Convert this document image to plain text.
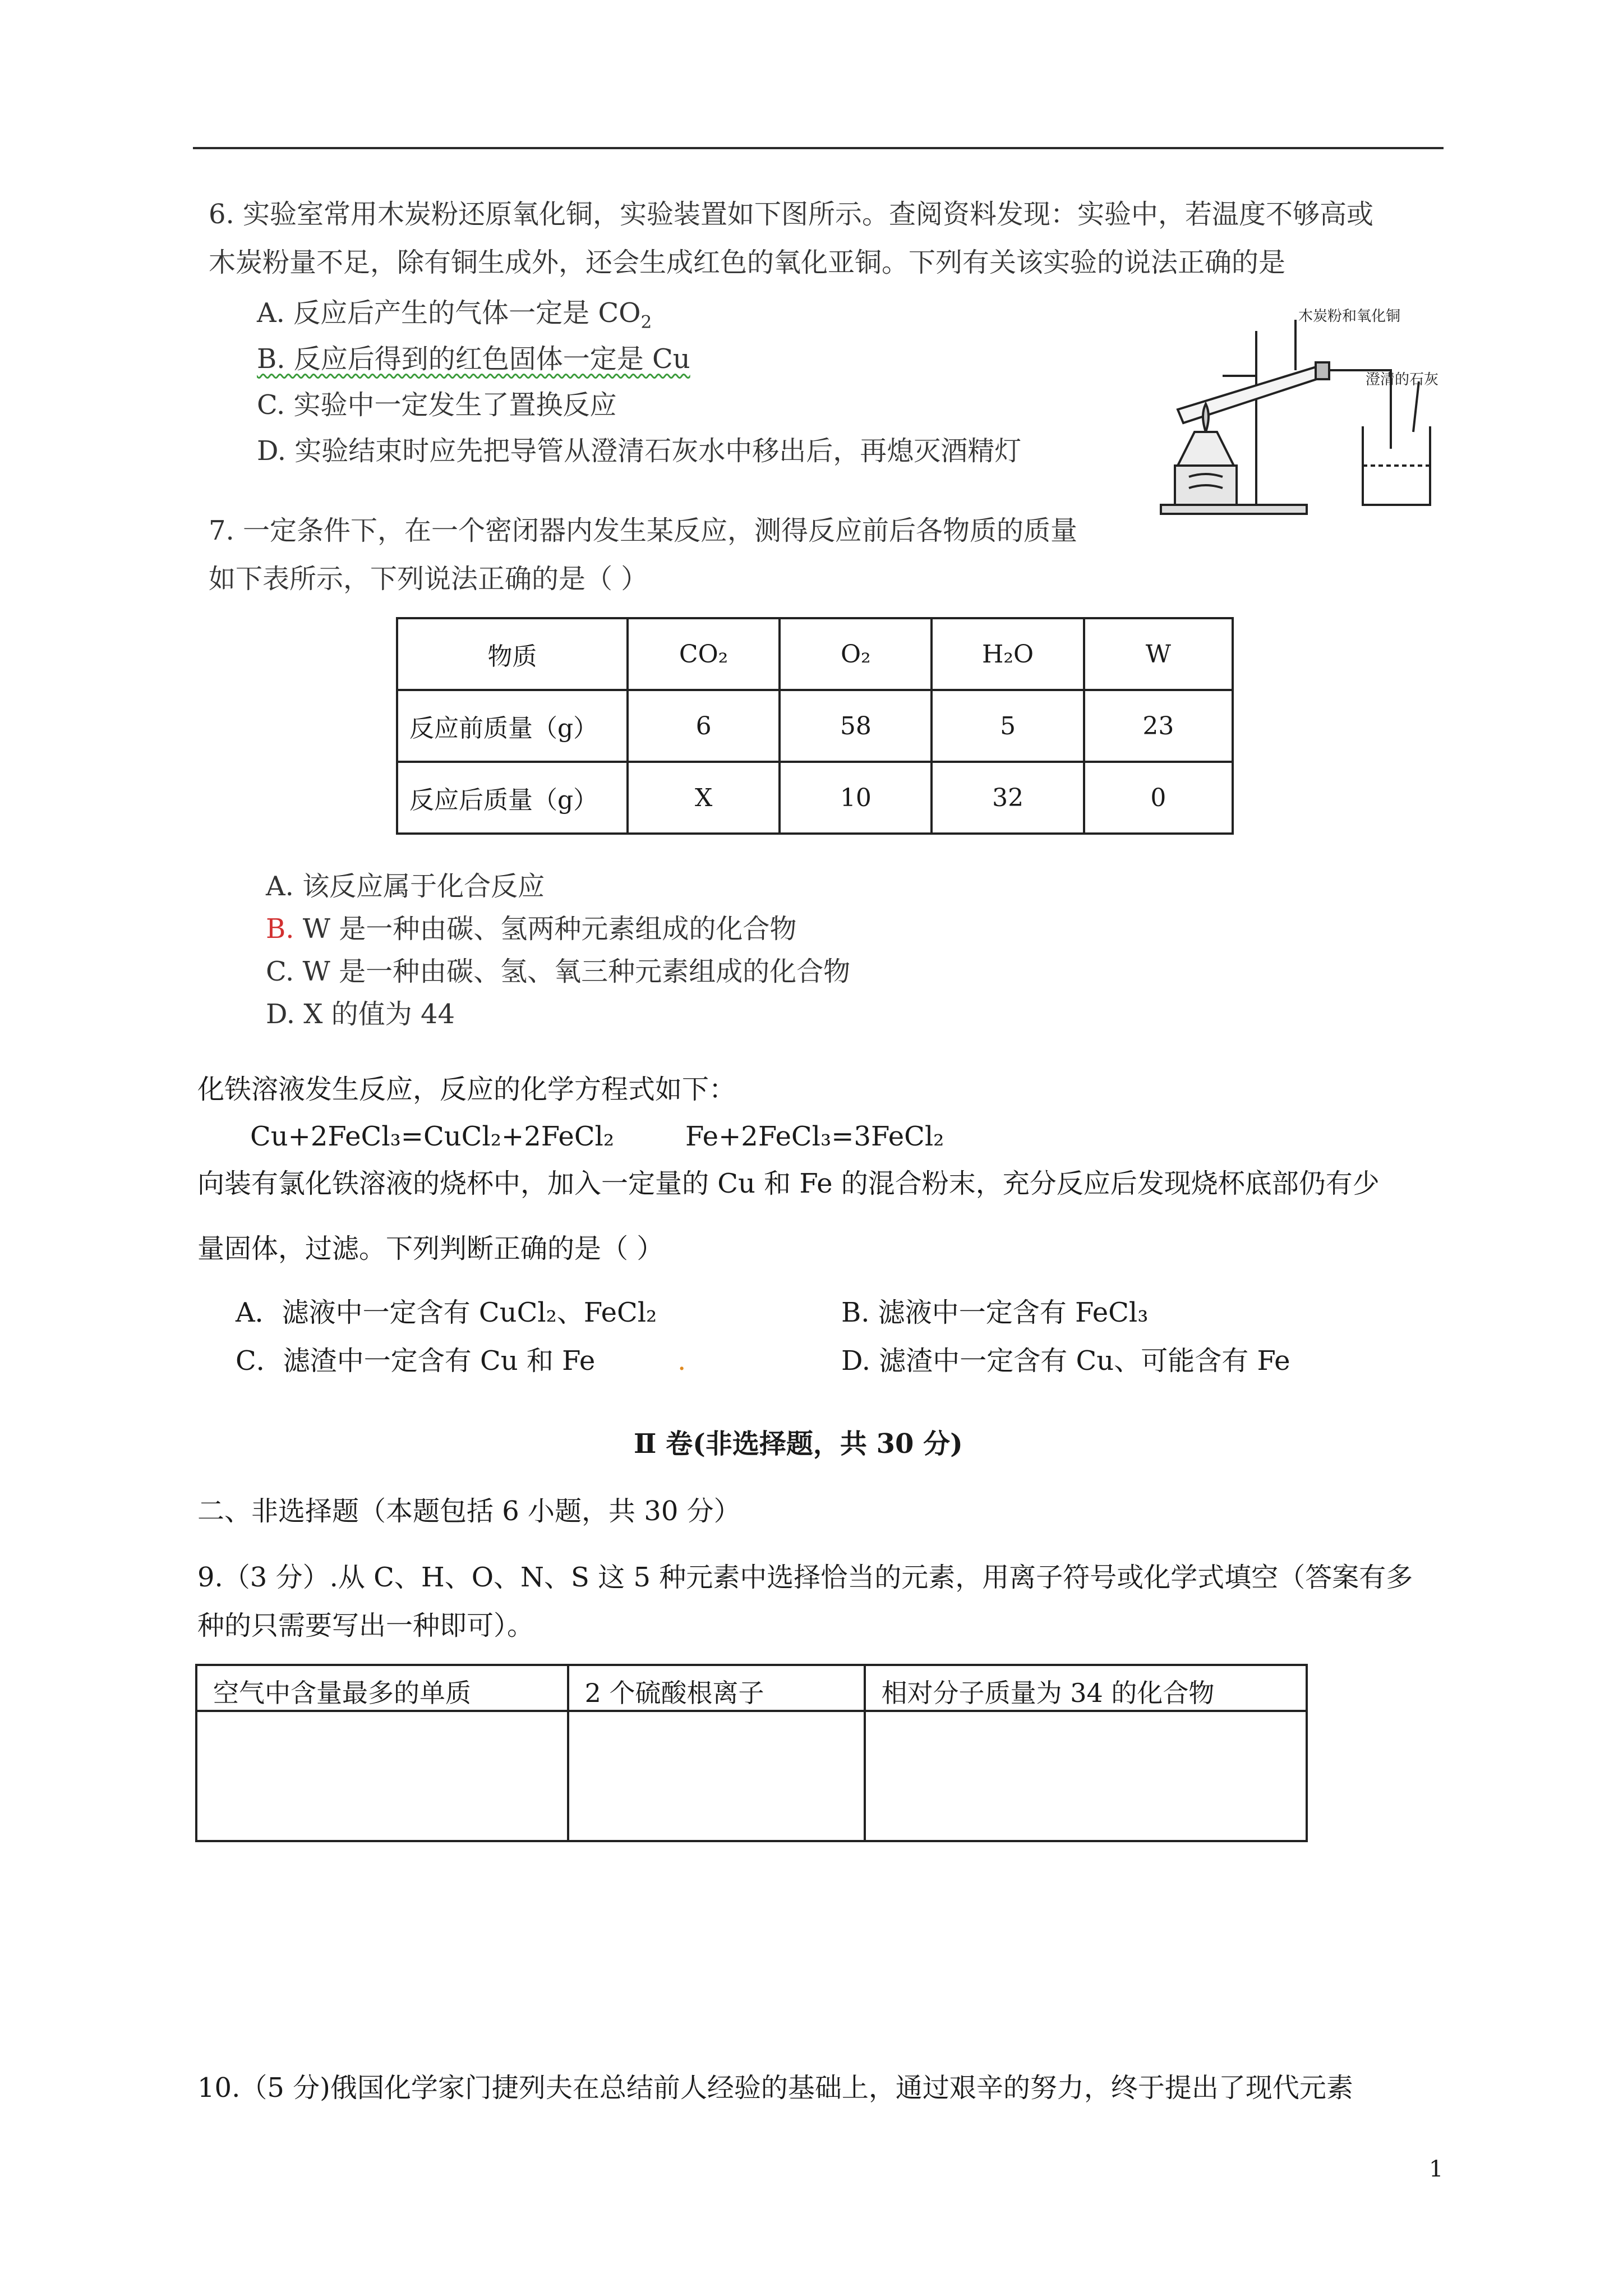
6. 实验室常用木炭粉还原氧化铜，实验装置如下图所示。查阅资料发现：实验中，若温度不够高或
木炭粉量不足，除有铜生成外，还会生成红色的氧化亚铜。下列有关该实验的说法正确的是
A. 反应后产生的气体一定是 $CO_2$
B. 反应后得到的红色固体一定是 Cu
C. 实验中一定发生了置换反应
D. 实验结束时应先把导管从澄清石灰水中移出后，再熄灭酒精灯
木炭粉和氧化铜
澄清的石灰
7. 一定条件下，在一个密闭器内发生某反应，测得反应前后各物质的质量
如下表所示，下列说法正确的是（ ）
物质	CO₂	O₂	H₂O	W
反应前质量（g）	6	58	5	23
反应后质量（g）	X	10	32	0
A. 该反应属于化合反应
B. W 是一种由碳、氢两种元素组成的化合物
C. W 是一种由碳、氢、氧三种元素组成的化合物
D. X 的值为 44
化铁溶液发生反应，反应的化学方程式如下：
Cu+2FeCl₃=CuCl₂+2FeCl₂	Fe+2FeCl₃=3FeCl₂
向装有氯化铁溶液的烧杯中，加入一定量的 Cu 和 Fe 的混合粉末，充分反应后发现烧杯底部仍有少
量固体，过滤。下列判断正确的是（ ）
A．滤液中一定含有 CuCl₂、FeCl₂	B. 滤液中一定含有 FeCl₃
C．滤渣中一定含有 Cu 和 Fe	.	D. 滤渣中一定含有 Cu、可能含有 Fe
Ⅱ 卷(非选择题，共 30 分)
二、非选择题（本题包括 6 小题，共 30 分）
9.（3 分）.从 C、H、O、N、S 这 5 种元素中选择恰当的元素，用离子符号或化学式填空（答案有多
种的只需要写出一种即可）。
空气中含量最多的单质	2 个硫酸根离子	相对分子质量为 34 的化合物

10.（5 分)俄国化学家门捷列夫在总结前人经验的基础上，通过艰辛的努力，终于提出了现代元素
1
